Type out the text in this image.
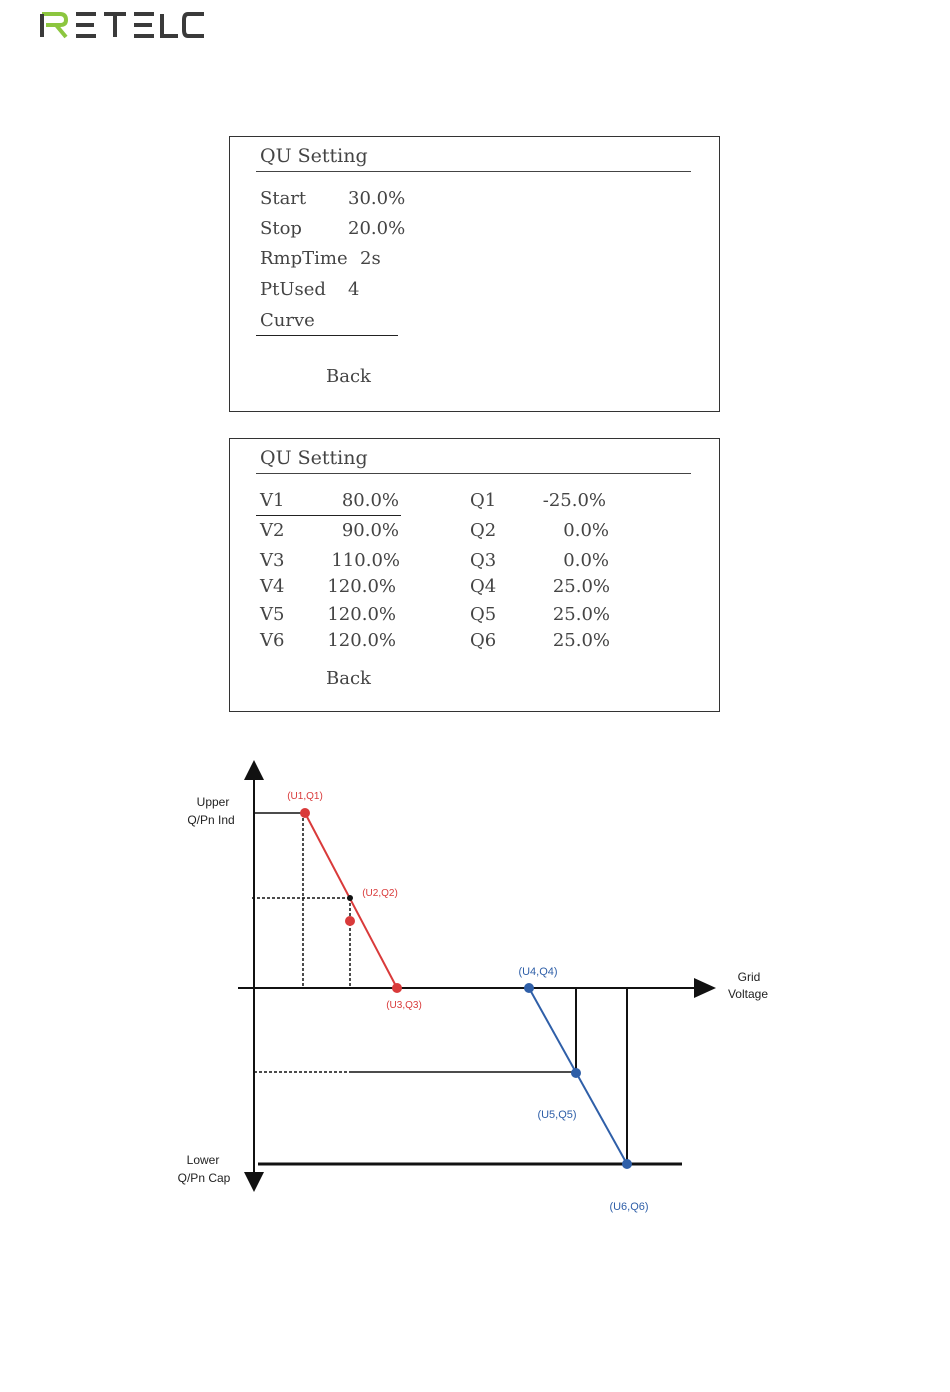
QU Setting
Start 30.0%
Stop	20.0%
RmpTime 2s
PtUsed 4
Curve
Back
QU Setting
V1	80.0%	Q1	-25.0%
V2	90.0%	Q2	0.0%
V3	110.0%	Q3	0.0%
V4 120.0%	Q4	25.0%
V5 120.0%	Q5	25.0%
V6 120.0%	Q6	25.0%
Back
Upper
Q/Pn Ind
Lower
Q/Pn Cap
Grid
Voltage
(U1,Q1)
(U2,Q2)
(U3,Q3)
(U4,Q4)
(U5,Q5)
(U6,Q6)
